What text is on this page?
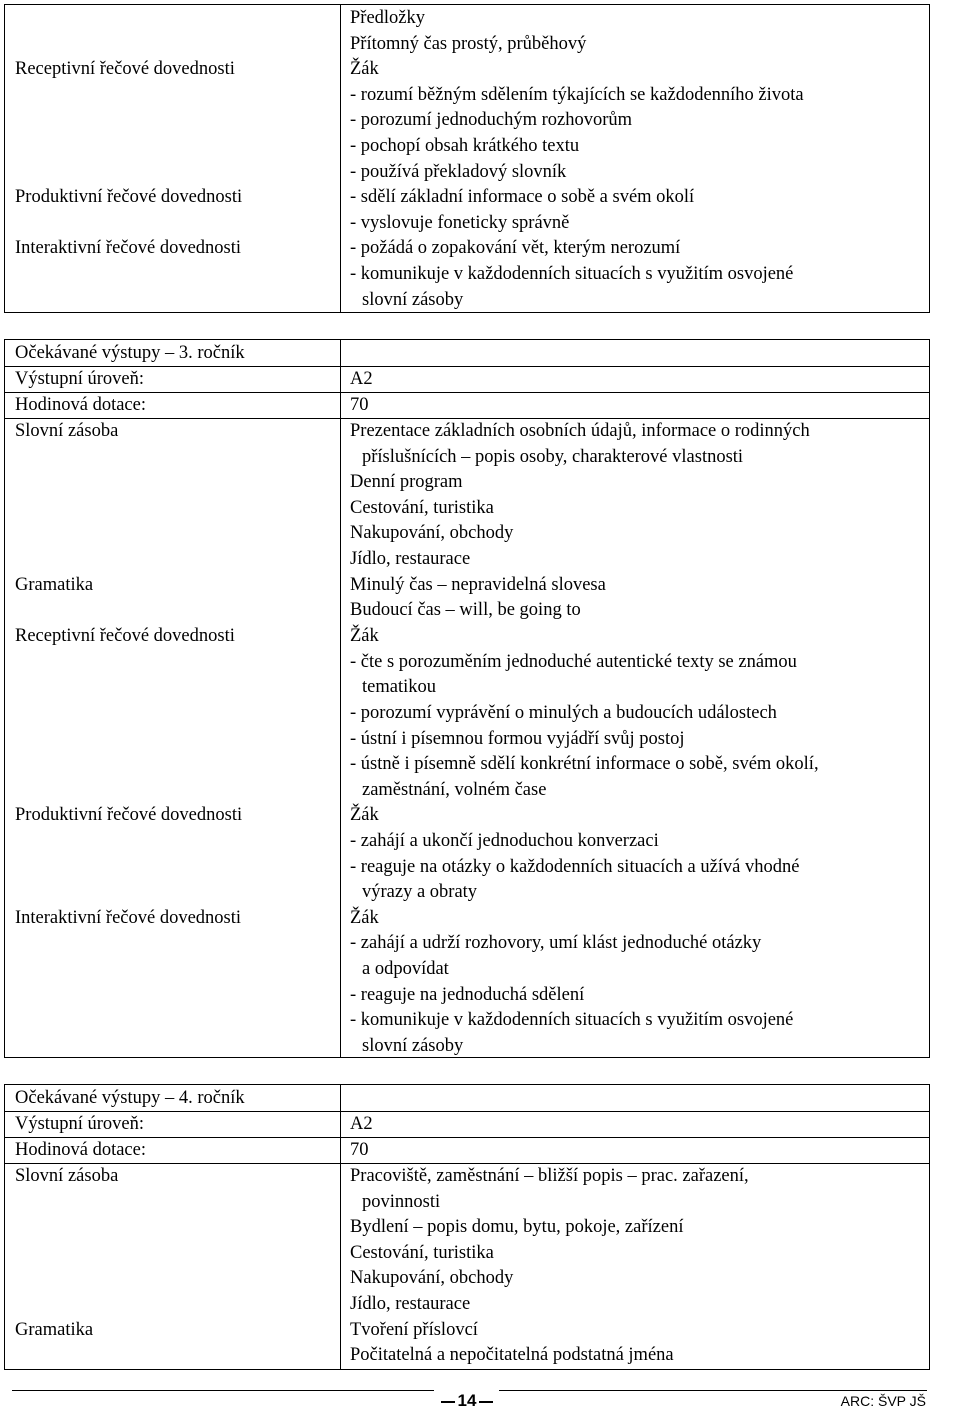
Předložky
Přítomný čas prostý, průběhový
Receptivní řečové dovednosti	Žák
- rozumí běžným sdělením týkajících se každodenního života
- porozumí jednoduchým rozhovorům
- pochopí obsah krátkého textu
- používá překladový slovník
Produktivní řečové dovednosti	- sdělí základní informace o sobě a svém okolí
- vyslovuje foneticky správně
Interaktivní řečové dovednosti	- požádá o zopakování vět, kterým nerozumí
- komunikuje v každodenních situacích s využitím osvojené
slovní zásoby
Očekávané výstupy – 3. ročník
Výstupní úroveň:	A2
Hodinová dotace:	70
Slovní zásoba	Prezentace základních osobních údajů, informace o rodinných
příslušnících – popis osoby, charakterové vlastnosti
Denní program
Cestování, turistika
Nakupování, obchody
Jídlo, restaurace
Gramatika	Minulý čas – nepravidelná slovesa
Budoucí čas – will, be going to
Receptivní řečové dovednosti	Žák
- čte s porozuměním jednoduché autentické texty se známou
tematikou
- porozumí vyprávění o minulých a budoucích událostech
- ústní i písemnou formou vyjádří svůj postoj
- ústně i písemně sdělí konkrétní informace o sobě, svém okolí,
zaměstnání, volném čase
Produktivní řečové dovednosti	Žák
- zahájí a ukončí jednoduchou konverzaci
- reaguje na otázky o každodenních situacích a užívá vhodné
výrazy a obraty
Interaktivní řečové dovednosti	Žák
- zahájí a udrží rozhovory, umí klást jednoduché otázky
a odpovídat
- reaguje na jednoduchá sdělení
- komunikuje v každodenních situacích s využitím osvojené
slovní zásoby
Očekávané výstupy – 4. ročník
Výstupní úroveň:	A2
Hodinová dotace:	70
Slovní zásoba	Pracoviště, zaměstnání – bližší popis – prac. zařazení,
povinnosti
Bydlení – popis domu, bytu, pokoje, zařízení
Cestování, turistika
Nakupování, obchody
Jídlo, restaurace
Gramatika	Tvoření příslovcí
Počitatelná a nepočitatelná podstatná jména
14	ARC: ŠVP JŠ
